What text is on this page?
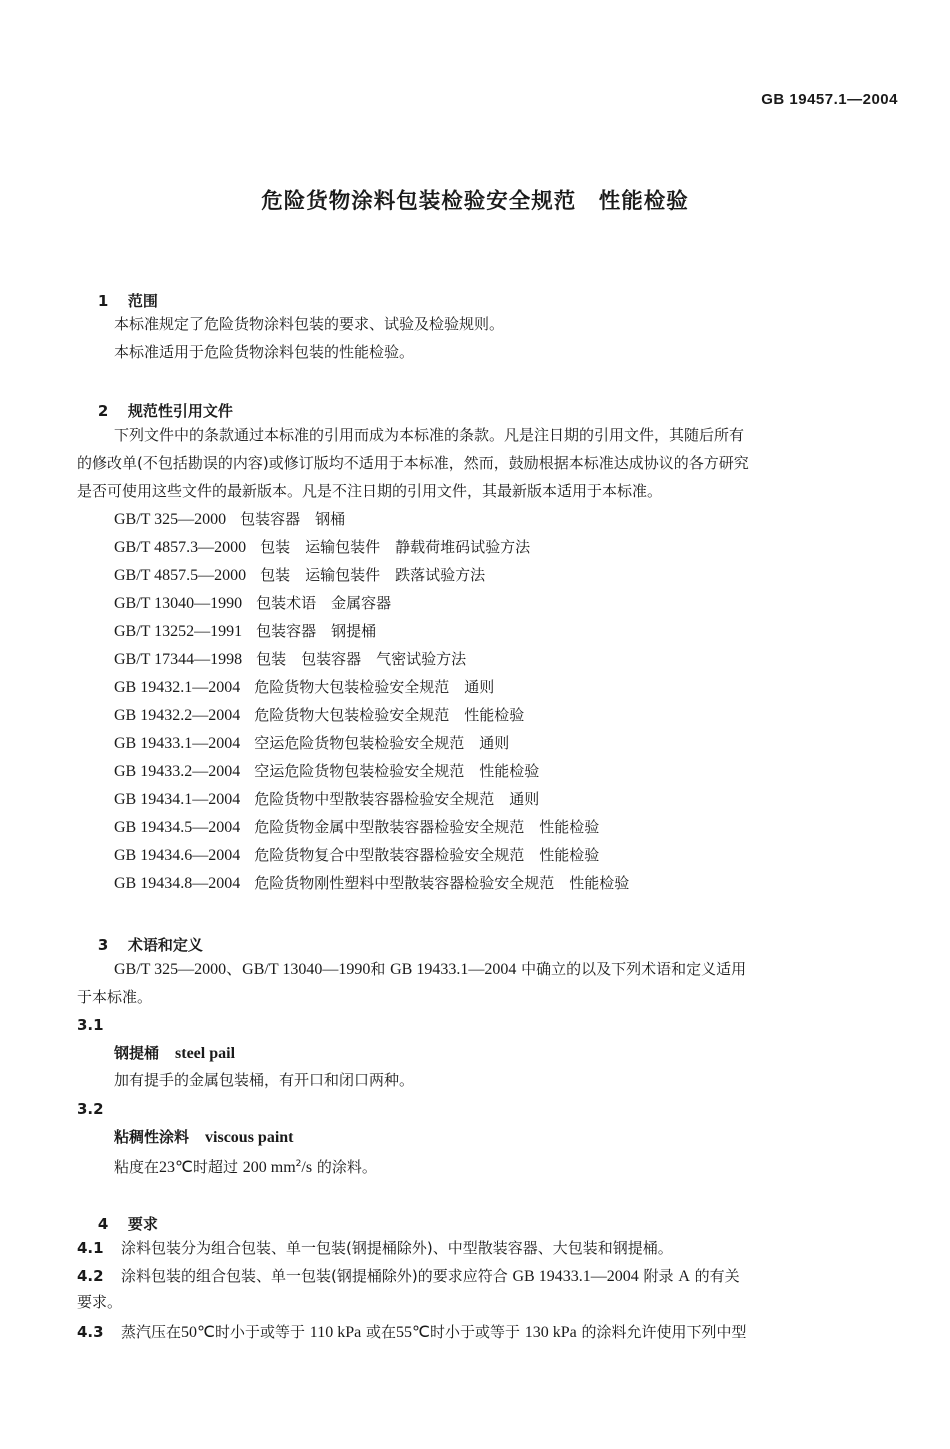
GB 19457.1—2004
危险货物涂料包装检验安全规范　性能检验

1 范围

本标准规定了危险货物涂料包装的要求、试验及检验规则。
本标准适用于危险货物涂料包装的性能检验。

2 规范性引用文件

下列文件中的条款通过本标准的引用而成为本标准的条款。凡是注日期的引用文件，其随后所有
的修改单(不包括勘误的内容)或修订版均不适用于本标准，然而，鼓励根据本标准达成协议的各方研究
是否可使用这些文件的最新版本。凡是不注日期的引用文件，其最新版本适用于本标准。
GB/T 325—2000 包装容器　钢桶
GB/T 4857.3—2000 包装　运输包装件　静载荷堆码试验方法
GB/T 4857.5—2000 包装　运输包装件　跌落试验方法
GB/T 13040—1990 包装术语　金属容器
GB/T 13252—1991 包装容器　钢提桶
GB/T 17344—1998 包装　包装容器　气密试验方法
GB 19432.1—2004 危险货物大包装检验安全规范　通则
GB 19432.2—2004 危险货物大包装检验安全规范　性能检验
GB 19433.1—2004 空运危险货物包装检验安全规范　通则
GB 19433.2—2004 空运危险货物包装检验安全规范　性能检验
GB 19434.1—2004 危险货物中型散装容器检验安全规范　通则
GB 19434.5—2004 危险货物金属中型散装容器检验安全规范　性能检验
GB 19434.6—2004 危险货物复合中型散装容器检验安全规范　性能检验
GB 19434.8—2004 危险货物刚性塑料中型散装容器检验安全规范　性能检验

3 术语和定义

GB/T 325—2000、GB/T 13040—1990和 GB 19433.1—2004 中确立的以及下列术语和定义适用
于本标准。
3.1
钢提桶 steel pail
加有提手的金属包装桶，有开口和闭口两种。
3.2
粘稠性涂料 viscous paint
粘度在23℃时超过 200 $mm^2/s$ 的涂料。

4 要求

4.1 涂料包装分为组合包装、单一包装(钢提桶除外)、中型散装容器、大包装和钢提桶。
4.2 涂料包装的组合包装、单一包装(钢提桶除外)的要求应符合 GB 19433.1—2004 附录 A 的有关
要求。
4.3 蒸汽压在50℃时小于或等于 110 kPa 或在55℃时小于或等于 130 kPa 的涂料允许使用下列中型
